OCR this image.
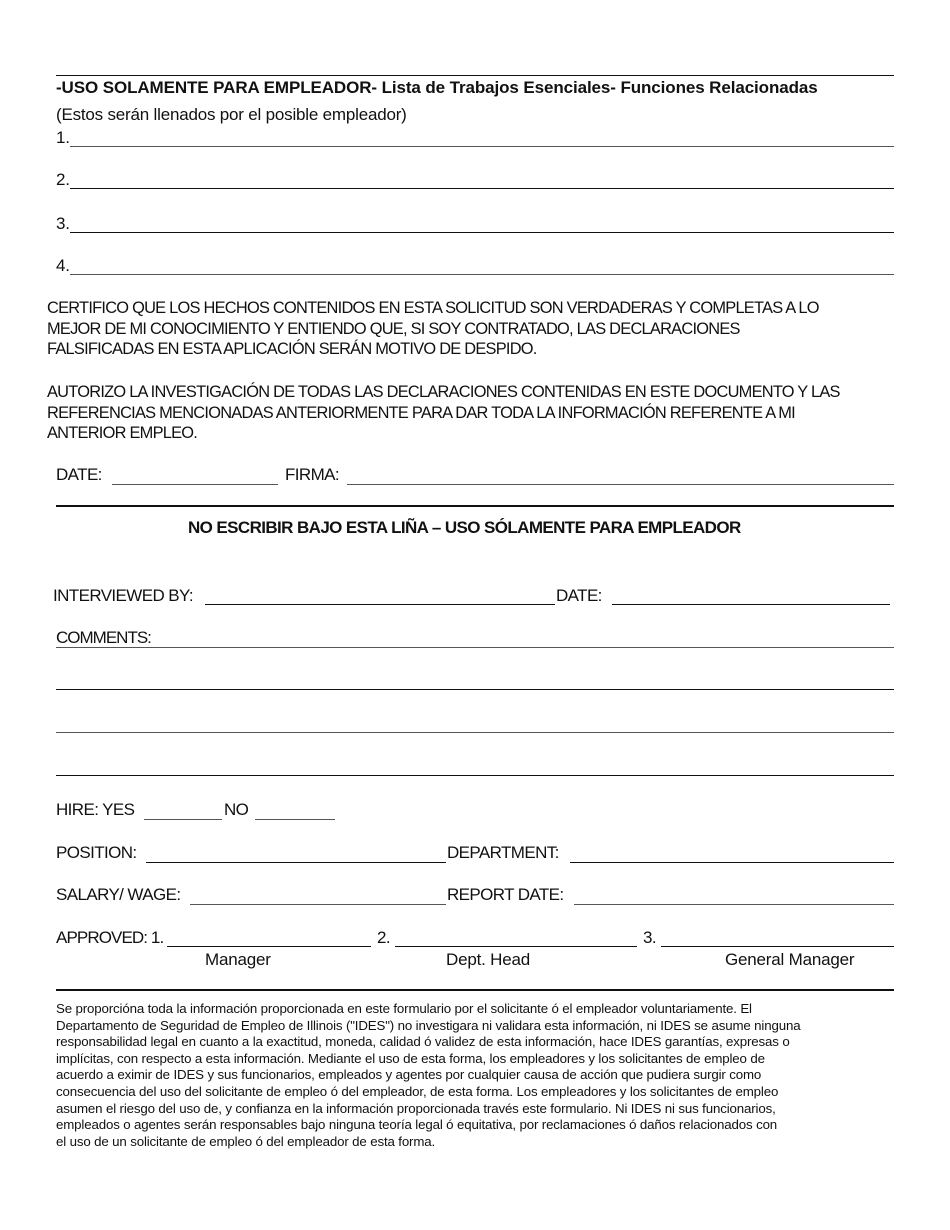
-USO SOLAMENTE PARA EMPLEADOR- Lista de Trabajos Esenciales- Funciones Relacionadas
(Estos serán llenados por el posible empleador)
1.
2.
3.
4.
CERTIFICO QUE LOS HECHOS CONTENIDOS EN ESTA SOLICITUD SON VERDADERAS Y COMPLETAS A LO
MEJOR DE MI CONOCIMIENTO Y ENTIENDO QUE, SI SOY CONTRATADO, LAS DECLARACIONES
FALSIFICADAS EN ESTA APLICACIÓN SERÁN MOTIVO DE DESPIDO.
AUTORIZO LA INVESTIGACIÓN DE TODAS LAS DECLARACIONES CONTENIDAS EN ESTE DOCUMENTO Y LAS
REFERENCIAS MENCIONADAS ANTERIORMENTE PARA DAR TODA LA INFORMACIÓN REFERENTE A MI
ANTERIOR EMPLEO.
DATE:	FIRMA:
NO ESCRIBIR BAJO ESTA LIÑA – USO SÓLAMENTE PARA EMPLEADOR
INTERVIEWED BY:	DATE:
COMMENTS:
HIRE: YES	NO
POSITION:	DEPARTMENT:
SALARY/ WAGE:	REPORT DATE:
APPROVED: 1.	2.	3.
Manager	Dept. Head	General Manager
Se proporcióna toda la información proporcionada en este formulario por el solicitante ó el empleador voluntariamente. El
Departamento de Seguridad de Empleo de Illinois ("IDES") no investigara ni validara esta información, ni IDES se asume ninguna
responsabilidad legal en cuanto a la exactitud, moneda, calidad ó validez de esta información, hace IDES garantías, expresas o
implícitas, con respecto a esta información. Mediante el uso de esta forma, los empleadores y los solicitantes de empleo de
acuerdo a eximir de IDES y sus funcionarios, empleados y agentes por cualquier causa de acción que pudiera surgir como
consecuencia del uso del solicitante de empleo ó del empleador, de esta forma. Los empleadores y los solicitantes de empleo
asumen el riesgo del uso de, y confianza en la información proporcionada través este formulario. Ni IDES ni sus funcionarios,
empleados o agentes serán responsables bajo ninguna teoría legal ó equitativa, por reclamaciones ó daños relacionados con
el uso de un solicitante de empleo ó del empleador de esta forma.
